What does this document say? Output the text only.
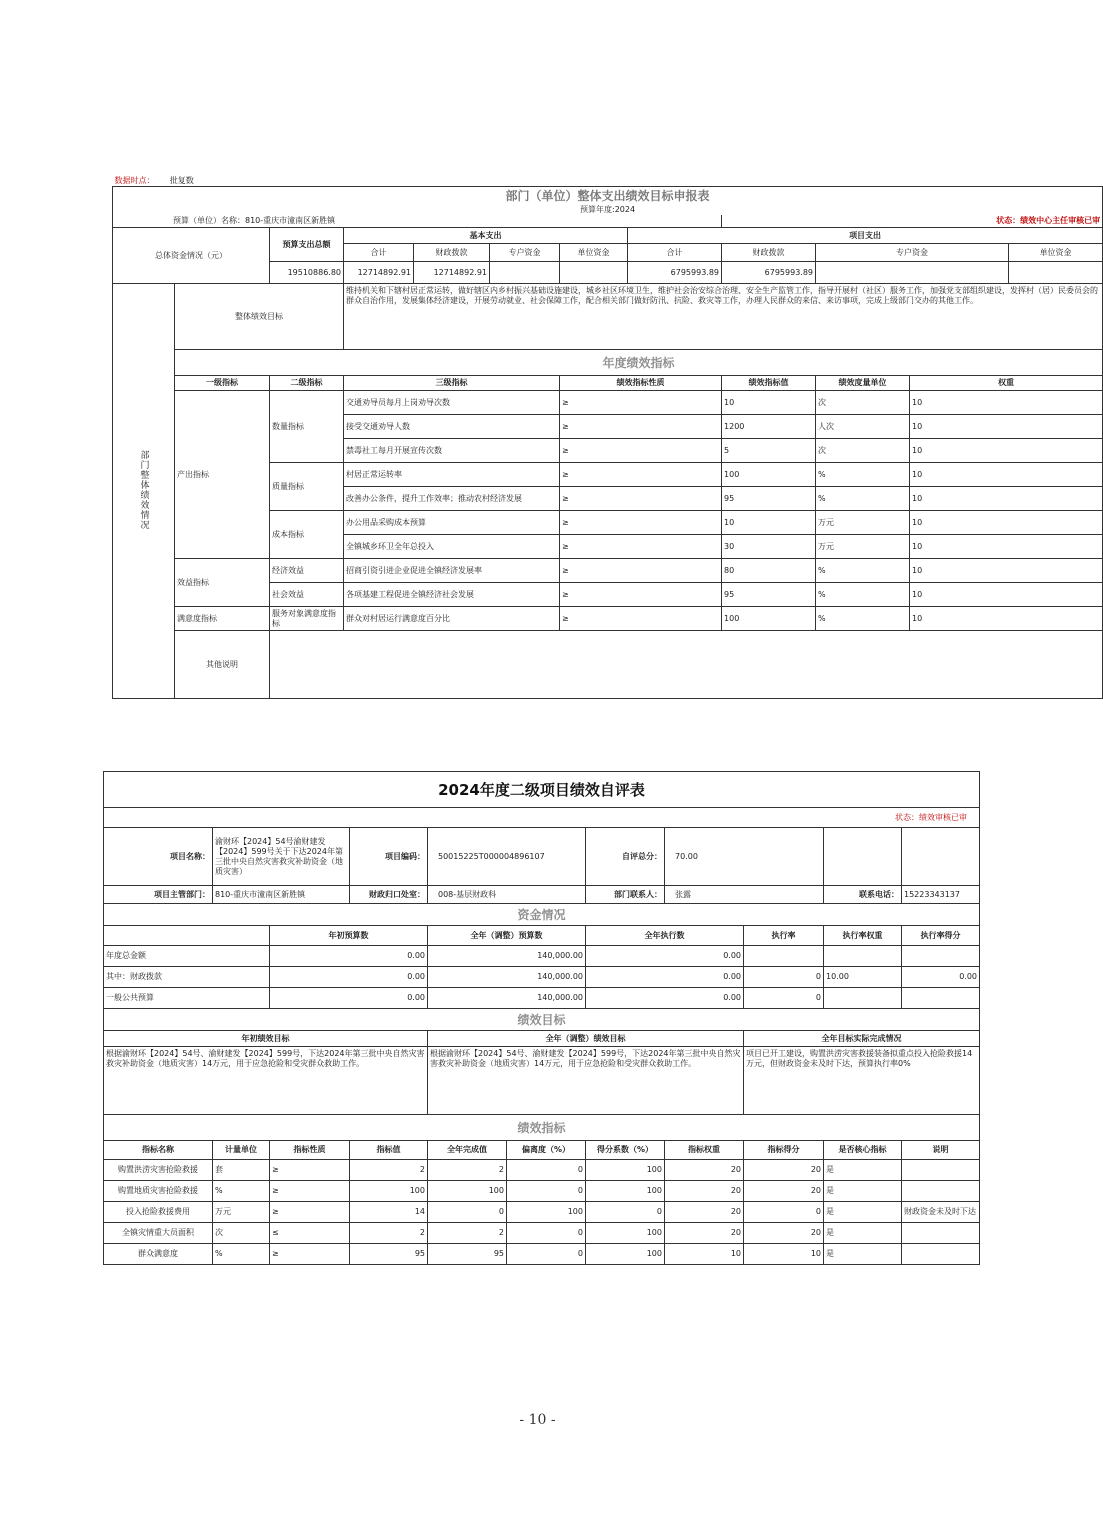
数据时点： 批复数											
部门（单位）整体支出绩效目标申报表											
预算年度:2024											
预算（单位）名称：810-重庆市潼南区新胜镇								状态：绩效中心主任审核已审			
总体资金情况（元）		预算支出总额	基本支出				项目支出				
			合计	财政拨款	专户资金	单位资金	合计	财政拨款	专户资金		单位资金
		19510886.80	12714892.91	12714892.91			6795993.89	6795993.89			
部门整体绩效情况	整体绩效目标		维持机关和下辖村居正常运转，做好辖区内乡村振兴基础设施建设，城乡社区环境卫生，维护社会治安综合治理、安全生产监管工作，指导开展村（社区）服务工作，加强党支部组织建设，发挥村（居）民委员会的群众自治作用，发展集体经济建设，开展劳动就业、社会保障工作，配合相关部门做好防汛、抗险、救灾等工作，办理人民群众的来信、来访事项，完成上级部门交办的其他工作。								
	年度绩效指标										
	一级指标	二级指标	三级指标			绩效指标性质		绩效指标值	绩效度量单位	权重	
	产出指标	数量指标	交通劝导员每月上岗劝导次数			≥		10	次	10	
			接受交通劝导人数			≥		1200	人次	10	
			禁毒社工每月开展宣传次数			≥		5	次	10	
		质量指标	村居正常运转率			≥		100	%	10	
			改善办公条件，提升工作效率；推动农村经济发展			≥		95	%	10	
		成本指标	办公用品采购成本预算			≥		10	万元	10	
			全镇城乡环卫全年总投入			≥		30	万元	10	
	效益指标	经济效益	招商引资引进企业促进全镇经济发展率			≥		80	%	10	
		社会效益	各项基建工程促进全镇经济社会发展			≥		95	%	10	
	满意度指标	服务对象满意度指标	群众对村居运行满意度百分比			≥		100	%	10	
	其他说明										
2024年度二级项目绩效自评表										
状态：绩效审核已审										
项目名称：	渝财环【2024】54号渝财建发【2024】599号关于下达2024年第三批中央自然灾害救灾补助资金（地质灾害）		项目编码：	50015225T000004896107		自评总分：	70.00			
项目主管部门：	810-重庆市潼南区新胜镇		财政归口处室：	008-基层财政科		部门联系人：	张露		联系电话：	15223343137
资金情况										
		年初预算数		全年（调整）预算数		全年执行数		执行率	执行率权重	执行率得分
年度总金额		0.00		140,000.00		0.00				
其中：财政拨款		0.00		140,000.00		0.00		0	10.00	0.00
一般公共预算		0.00		140,000.00		0.00		0		
绩效目标										
年初绩效目标				全年（调整）绩效目标				全年目标实际完成情况		
根据渝财环【2024】54号、渝财建发【2024】599号，下达2024年第三批中央自然灾害救灾补助资金（地质灾害）14万元，用于应急抢险和受灾群众救助工作。				根据渝财环【2024】54号、渝财建发【2024】599号，下达2024年第三批中央自然灾害救灾补助资金（地质灾害）14万元，用于应急抢险和受灾群众救助工作。				项目已开工建设，购置洪涝灾害救援装备拟重点投入抢险救援14万元，但财政资金未及时下达，预算执行率0%		
绩效指标										
指标名称	计量单位	指标性质	指标值	全年完成值	偏离度（%）	得分系数（%）	指标权重	指标得分	是否核心指标	说明
购置洪涝灾害抢险救援	套	≥	2	2	0	100	20	20	是	
购置地质灾害抢险救援	%	≥	100	100	0	100	20	20	是	
投入抢险救援费用	万元	≥	14	0	100	0	20	0	是	财政资金未及时下达
全镇灾情重大员面积	次	≤	2	2	0	100	20	20	是	
群众满意度	%	≥	95	95	0	100	10	10	是	
- 10 -
